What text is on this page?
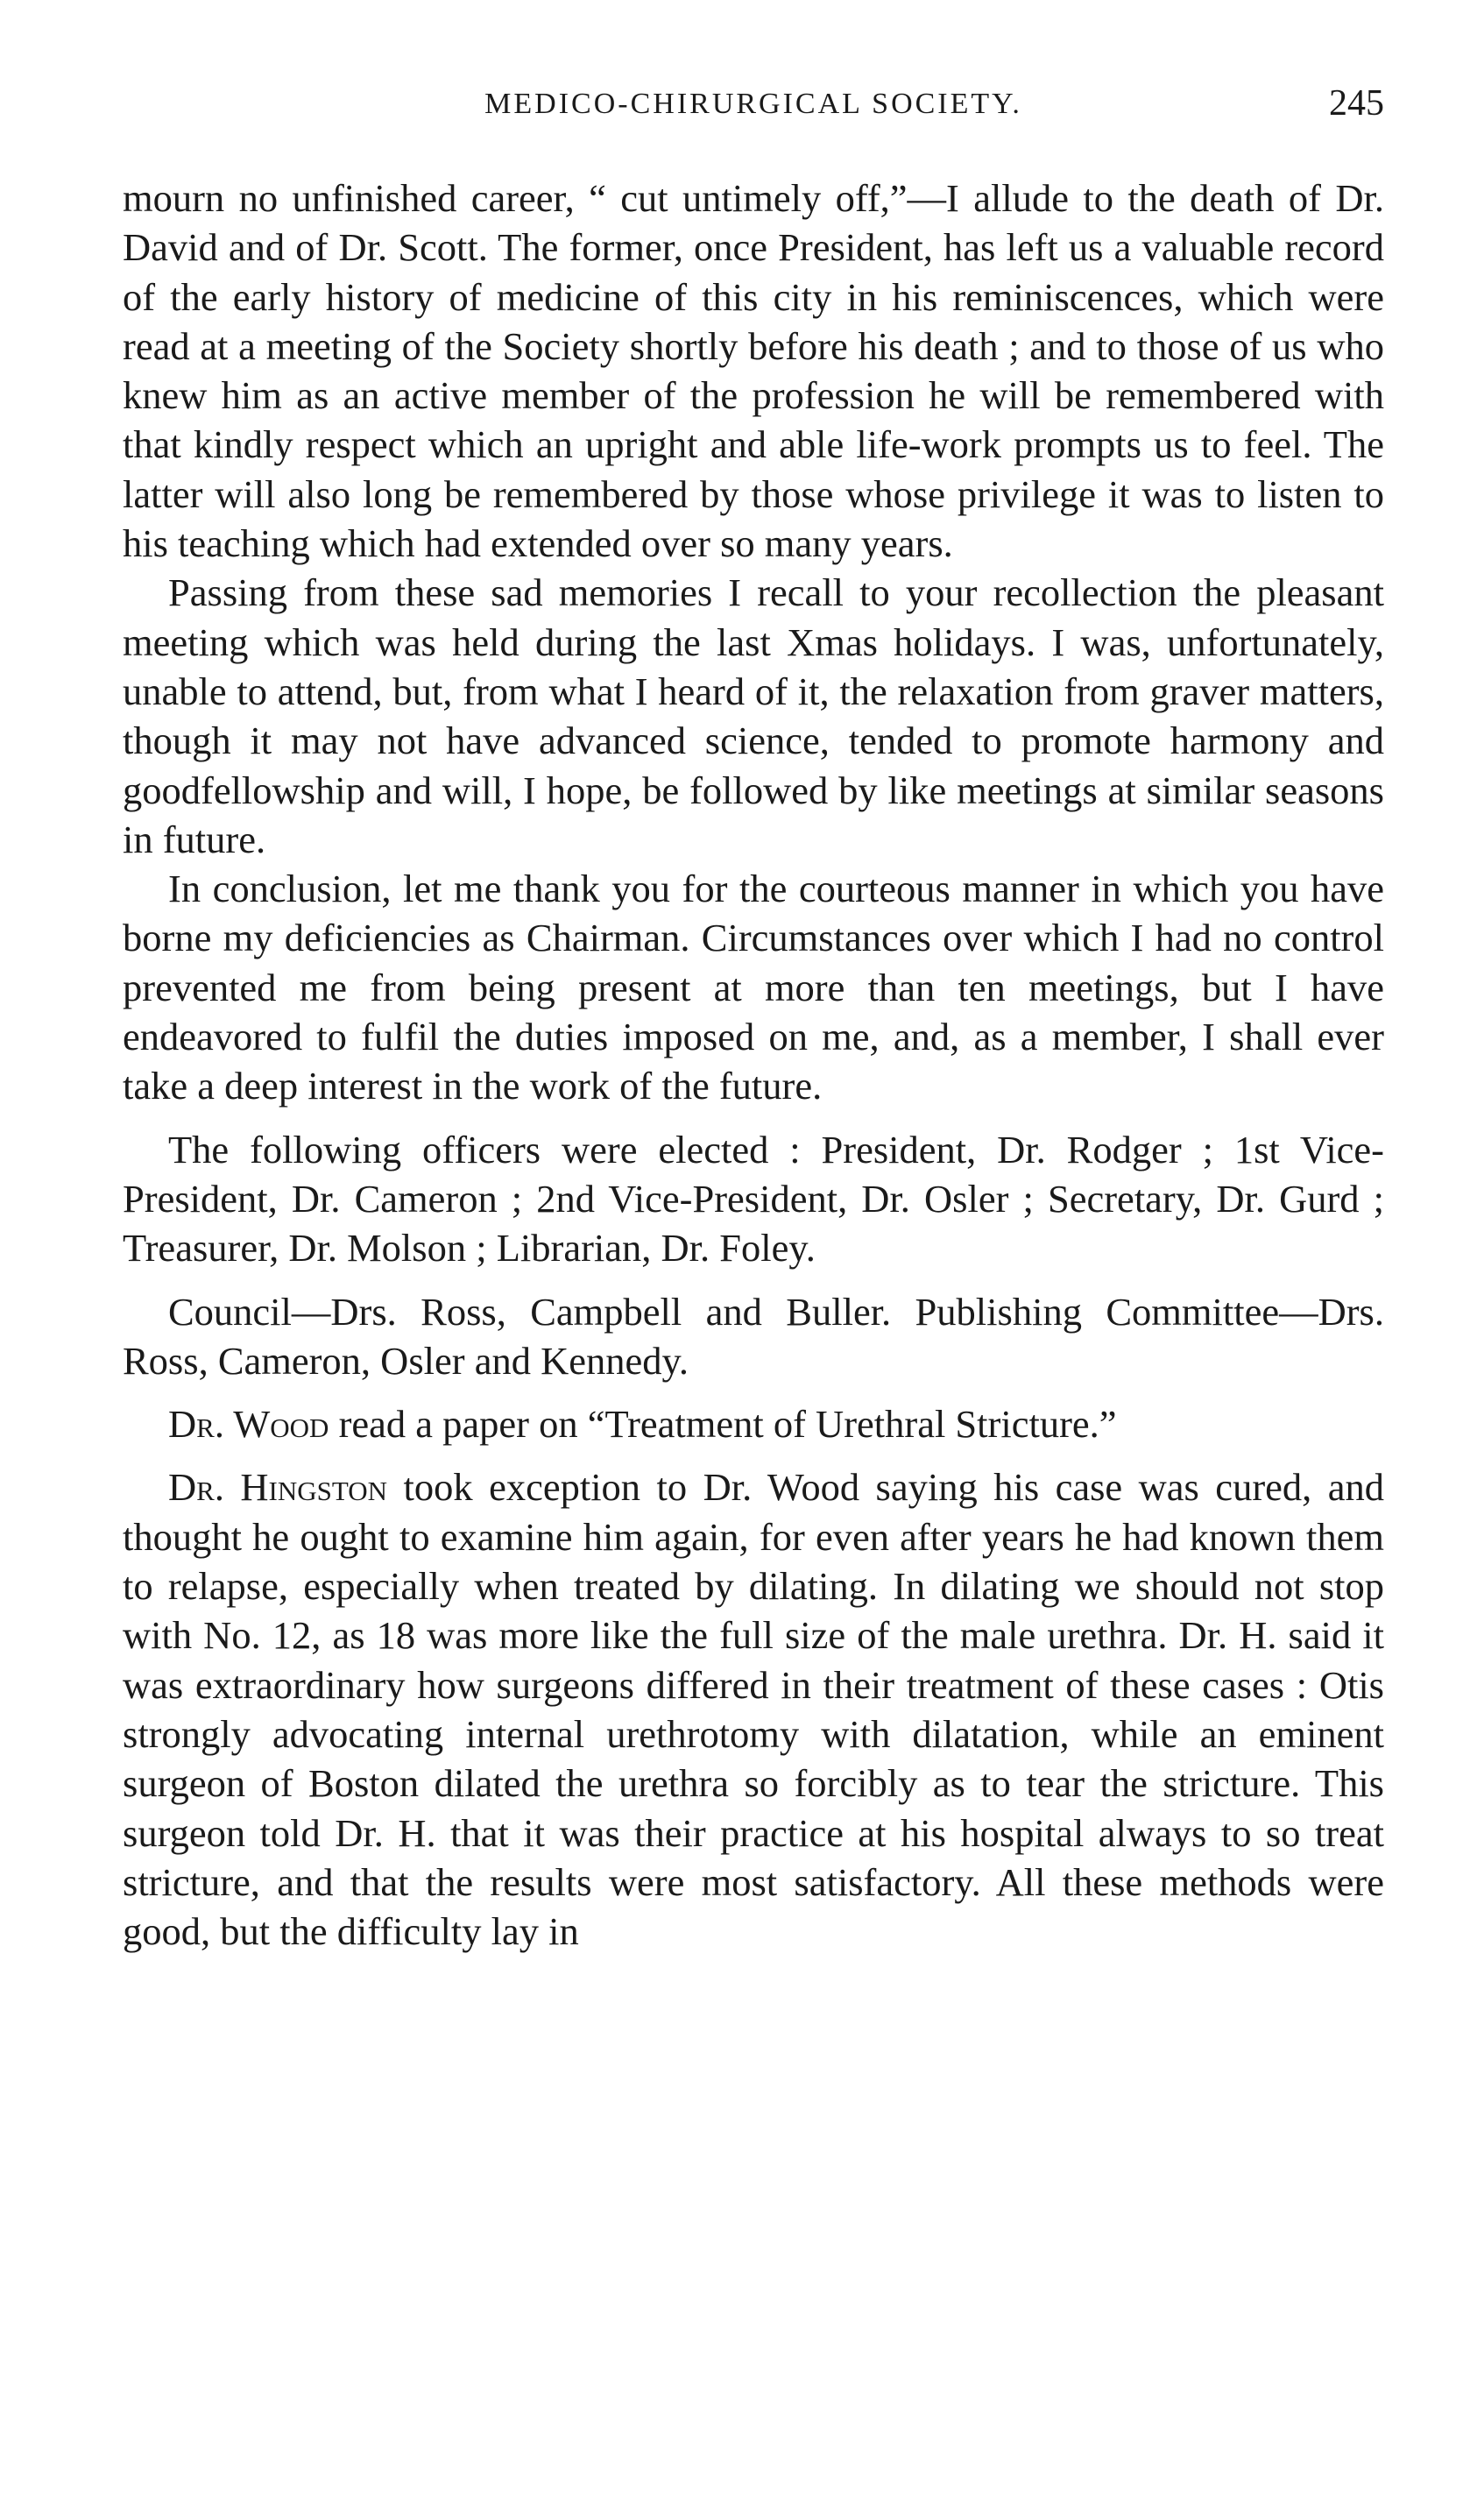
MEDICO-CHIRURGICAL SOCIETY.	245

mourn no unfinished career, “ cut untimely off,”—I allude to the death of Dr. David and of Dr. Scott. The former, once President, has left us a valuable record of the early history of medicine of this city in his reminiscences, which were read at a meeting of the Society shortly before his death ; and to those of us who knew him as an active member of the profession he will be remembered with that kindly respect which an upright and able life-work prompts us to feel. The latter will also long be remembered by those whose privilege it was to listen to his teaching which had extended over so many years.

Passing from these sad memories I recall to your recollection the pleasant meeting which was held during the last Xmas holidays. I was, unfortunately, unable to attend, but, from what I heard of it, the relaxation from graver matters, though it may not have advanced science, tended to promote harmony and goodfellowship and will, I hope, be followed by like meetings at similar seasons in future.

In conclusion, let me thank you for the courteous manner in which you have borne my deficiencies as Chairman. Circumstances over which I had no control prevented me from being present at more than ten meetings, but I have endeavored to fulfil the duties imposed on me, and, as a member, I shall ever take a deep interest in the work of the future.

The following officers were elected : President, Dr. Rodger ; 1st Vice-President, Dr. Cameron ; 2nd Vice-President, Dr. Osler ; Secretary, Dr. Gurd ; Treasurer, Dr. Molson ; Librarian, Dr. Foley.

Council—Drs. Ross, Campbell and Buller. Publishing Committee—Drs. Ross, Cameron, Osler and Kennedy.

Dr. Wood read a paper on “Treatment of Urethral Stricture.”

Dr. Hingston took exception to Dr. Wood saying his case was cured, and thought he ought to examine him again, for even after years he had known them to relapse, especially when treated by dilating. In dilating we should not stop with No. 12, as 18 was more like the full size of the male urethra. Dr. H. said it was extraordinary how surgeons differed in their treatment of these cases : Otis strongly advocating internal urethrotomy with dilatation, while an eminent surgeon of Boston dilated the urethra so forcibly as to tear the stricture. This surgeon told Dr. H. that it was their practice at his hospital always to so treat stricture, and that the results were most satisfactory. All these methods were good, but the difficulty lay in
